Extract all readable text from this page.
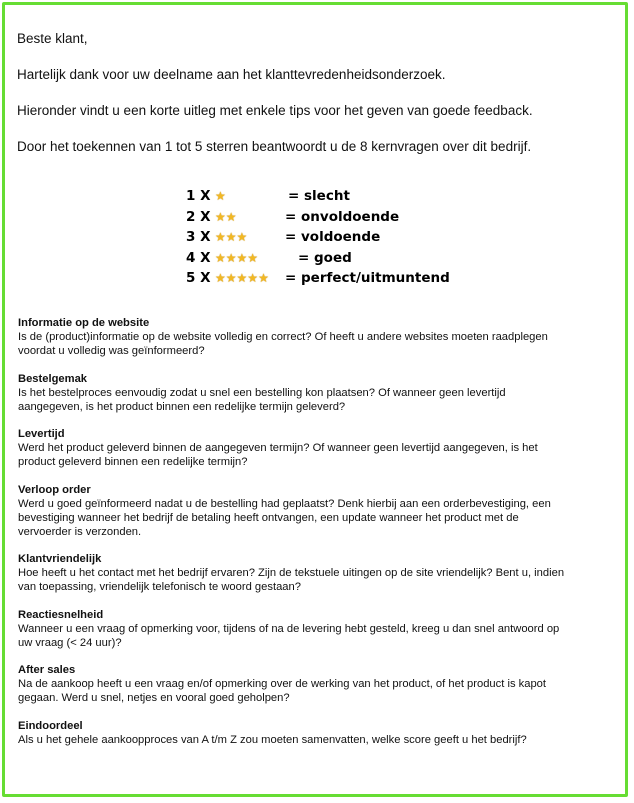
Beste klant,

Hartelijk dank voor uw deelname aan het klanttevredenheidsonderzoek.

Hieronder vindt u een korte uitleg met enkele tips voor het geven van goede feedback.

Door het toekennen van 1 tot 5 sterren beantwoordt u de 8 kernvragen over dit bedrijf.

1 X ★	= slecht
2 X ★★	= onvoldoende
3 X ★★★	= voldoende
4 X ★★★★	= goed
5 X ★★★★★ = perfect/uitmuntend
Informatie op de website

Is de (product)informatie op de website volledig en correct? Of heeft u andere websites moeten raadplegen

voordat u volledig was geïnformeerd?

Bestelgemak

Is het bestelproces eenvoudig zodat u snel een bestelling kon plaatsen? Of wanneer geen levertijd

aangegeven, is het product binnen een redelijke termijn geleverd?

Levertijd

Werd het product geleverd binnen de aangegeven termijn? Of wanneer geen levertijd aangegeven, is het

product geleverd binnen een redelijke termijn?

Verloop order

Werd u goed geïnformeerd nadat u de bestelling had geplaatst? Denk hierbij aan een orderbevestiging, een

bevestiging wanneer het bedrijf de betaling heeft ontvangen, een update wanneer het product met de

vervoerder is verzonden.

Klantvriendelijk

Hoe heeft u het contact met het bedrijf ervaren? Zijn de tekstuele uitingen op de site vriendelijk? Bent u, indien

van toepassing, vriendelijk telefonisch te woord gestaan?

Reactiesnelheid

Wanneer u een vraag of opmerking voor, tijdens of na de levering hebt gesteld, kreeg u dan snel antwoord op

uw vraag (< 24 uur)?

After sales

Na de aankoop heeft u een vraag en/of opmerking over de werking van het product, of het product is kapot

gegaan. Werd u snel, netjes en vooral goed geholpen?

Eindoordeel

Als u het gehele aankoopproces van A t/m Z zou moeten samenvatten, welke score geeft u het bedrijf?
